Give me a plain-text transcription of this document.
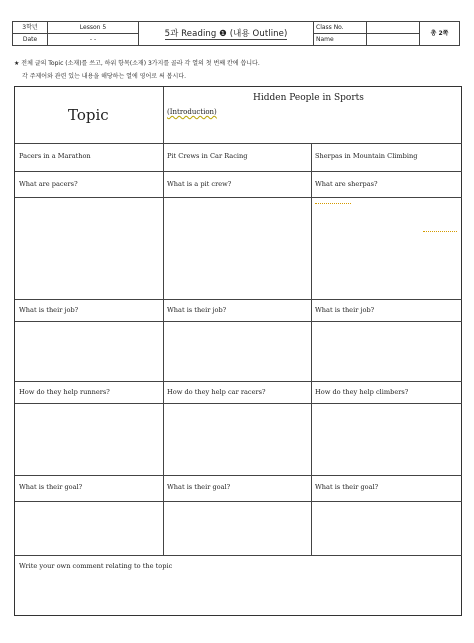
3학년	Lesson 5	5과 Reading ❶ (내용 Outline)	Class No.		총 2쪽
Date	- -		Name		
★ 전체 글의 Topic (소재)를 쓰고, 하위 항목(소재) 3가지를 골라 각 열의 첫 번째 칸에 씁니다.
각 주제어와 관련 있는 내용을 해당하는 열에 영어로 써 봅시다.
Topic
Hidden People in Sports
(Introduction)
Pacers in a Marathon	Pit Crews in Car Racing	Sherpas in Mountain Climbing
What are pacers?	What is a pit crew?	What are sherpas?
What is their job?	What is their job?	What is their job?
How do they help runners?	How do they help car racers?	How do they help climbers?
What is their goal?	What is their goal?	What is their goal?
Write your own comment relating to the topic
